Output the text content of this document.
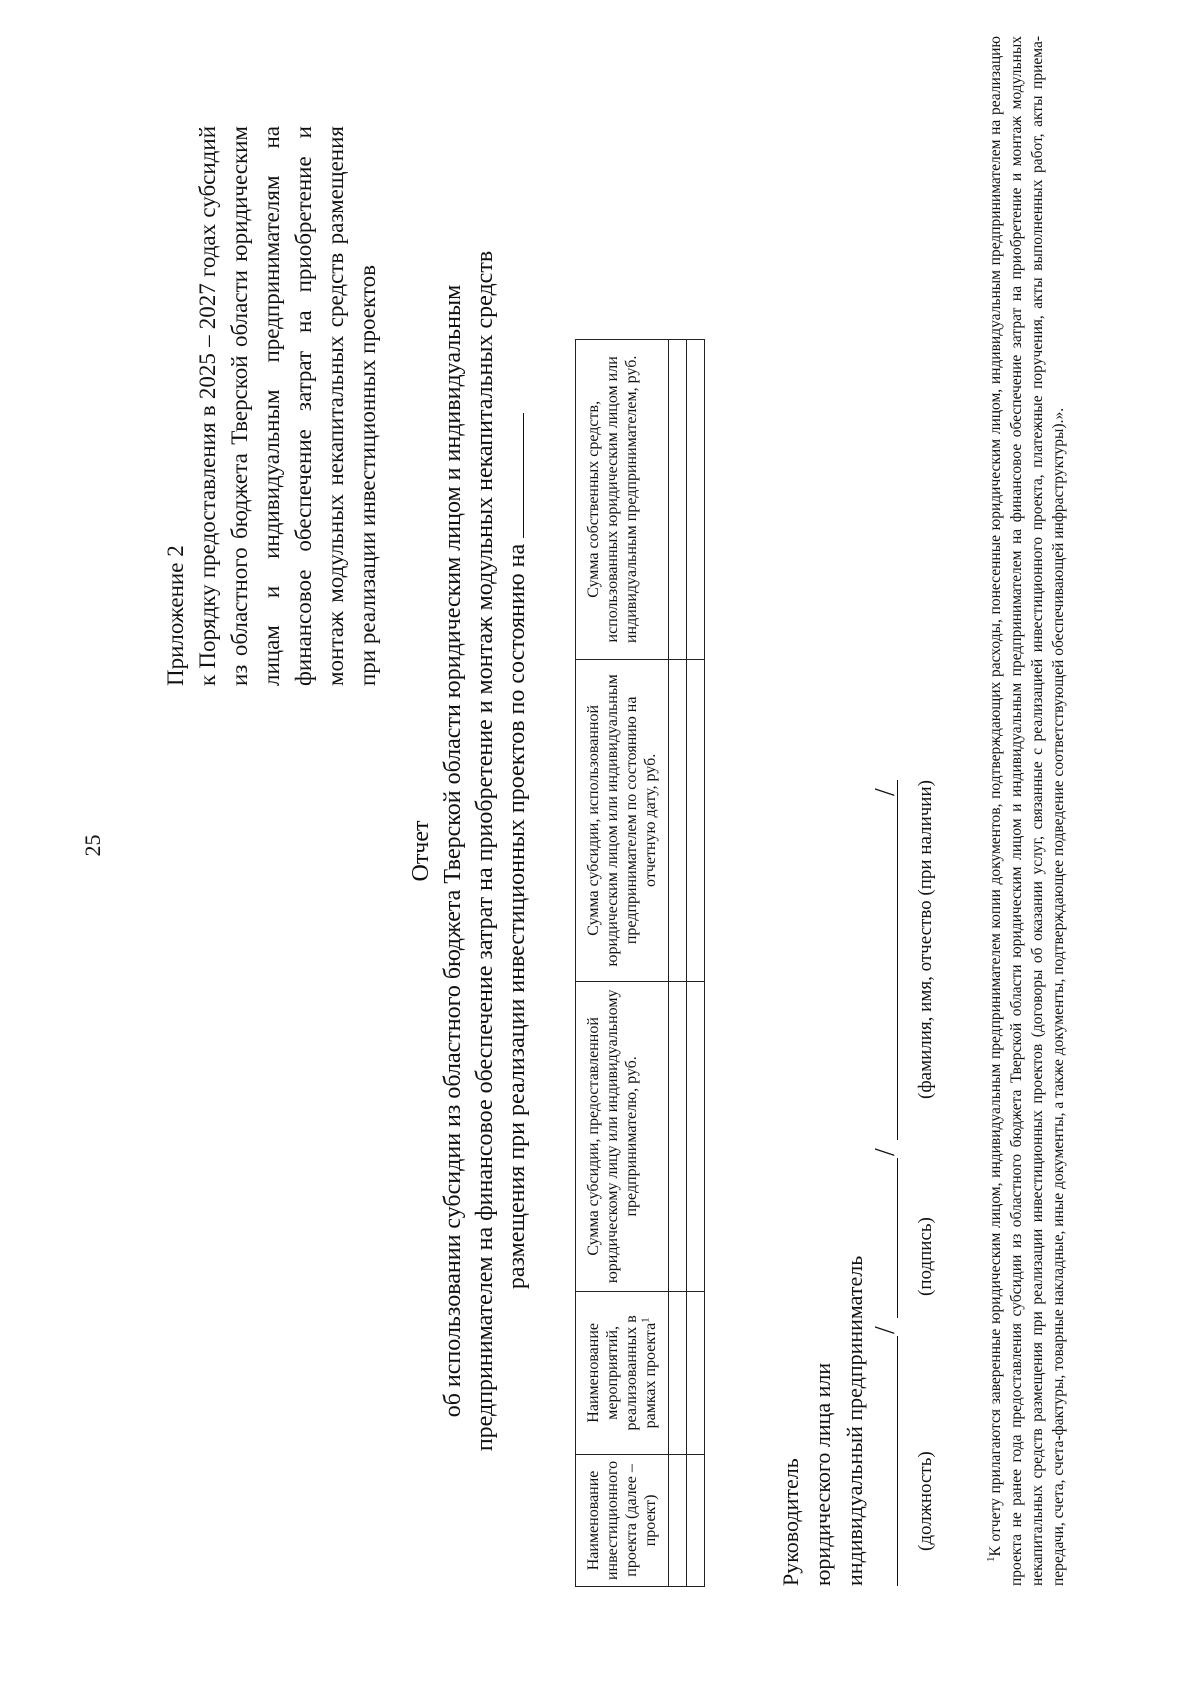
25
Приложение 2 к Порядку предоставления в 2025 – 2027 годах субсидий из областного бюджета Тверской области юридическим лицам и индивидуальным предпринимателям на финансовое обеспечение затрат на приобретение и монтаж модульных некапитальных средств размещения при реализации инвестиционных проектов
Отчет об использовании субсидии из областного бюджета Тверской области юридическим лицом и индивидуальным предпринимателем на финансовое обеспечение затрат на приобретение и монтаж модульных некапитальных средств размещения при реализации инвестиционных проектов по состоянию на
Наименование инвестиционного проекта (далее – проект)	Наименование мероприятий, реализованных в рамках проекта$^1$	Сумма субсидии, предоставленной юридическому лицу или индивидуальному предпринимателю, руб.	Сумма субсидии, использованной юридическим лицом или индивидуальным предпринимателем по состоянию на отчетную дату, руб.	Сумма собственных средств, использованных юридическим лицом или индивидуальным предпринимателем, руб.

Руководитель юридического лица или индивидуальный предприниматель /
/
/
(должность)
(подпись)
(фамилия, имя, отчество (при наличии)
$^1$К отчету прилагаются заверенные юридическим лицом, индивидуальным предпринимателем копии документов, подтверждающих расходы, понесенные юридическим лицом, индивидуальным предпринимателем на реализацию проекта не ранее года предоставления субсидии из областного бюджета Тверской области юридическим лицом и индивидуальным предпринимателем на финансовое обеспечение затрат на приобретение и монтаж модульных некапитальных средств размещения при реализации инвестиционных проектов (договоры об оказании услуг, связанные с реализацией инвестиционного проекта, платежные поручения, акты выполненных работ, акты приема-передачи, счета, счета-фактуры, товарные накладные, иные документы, а также документы, подтверждающее подведение соответствующей обеспечивающей инфраструктуры).».
